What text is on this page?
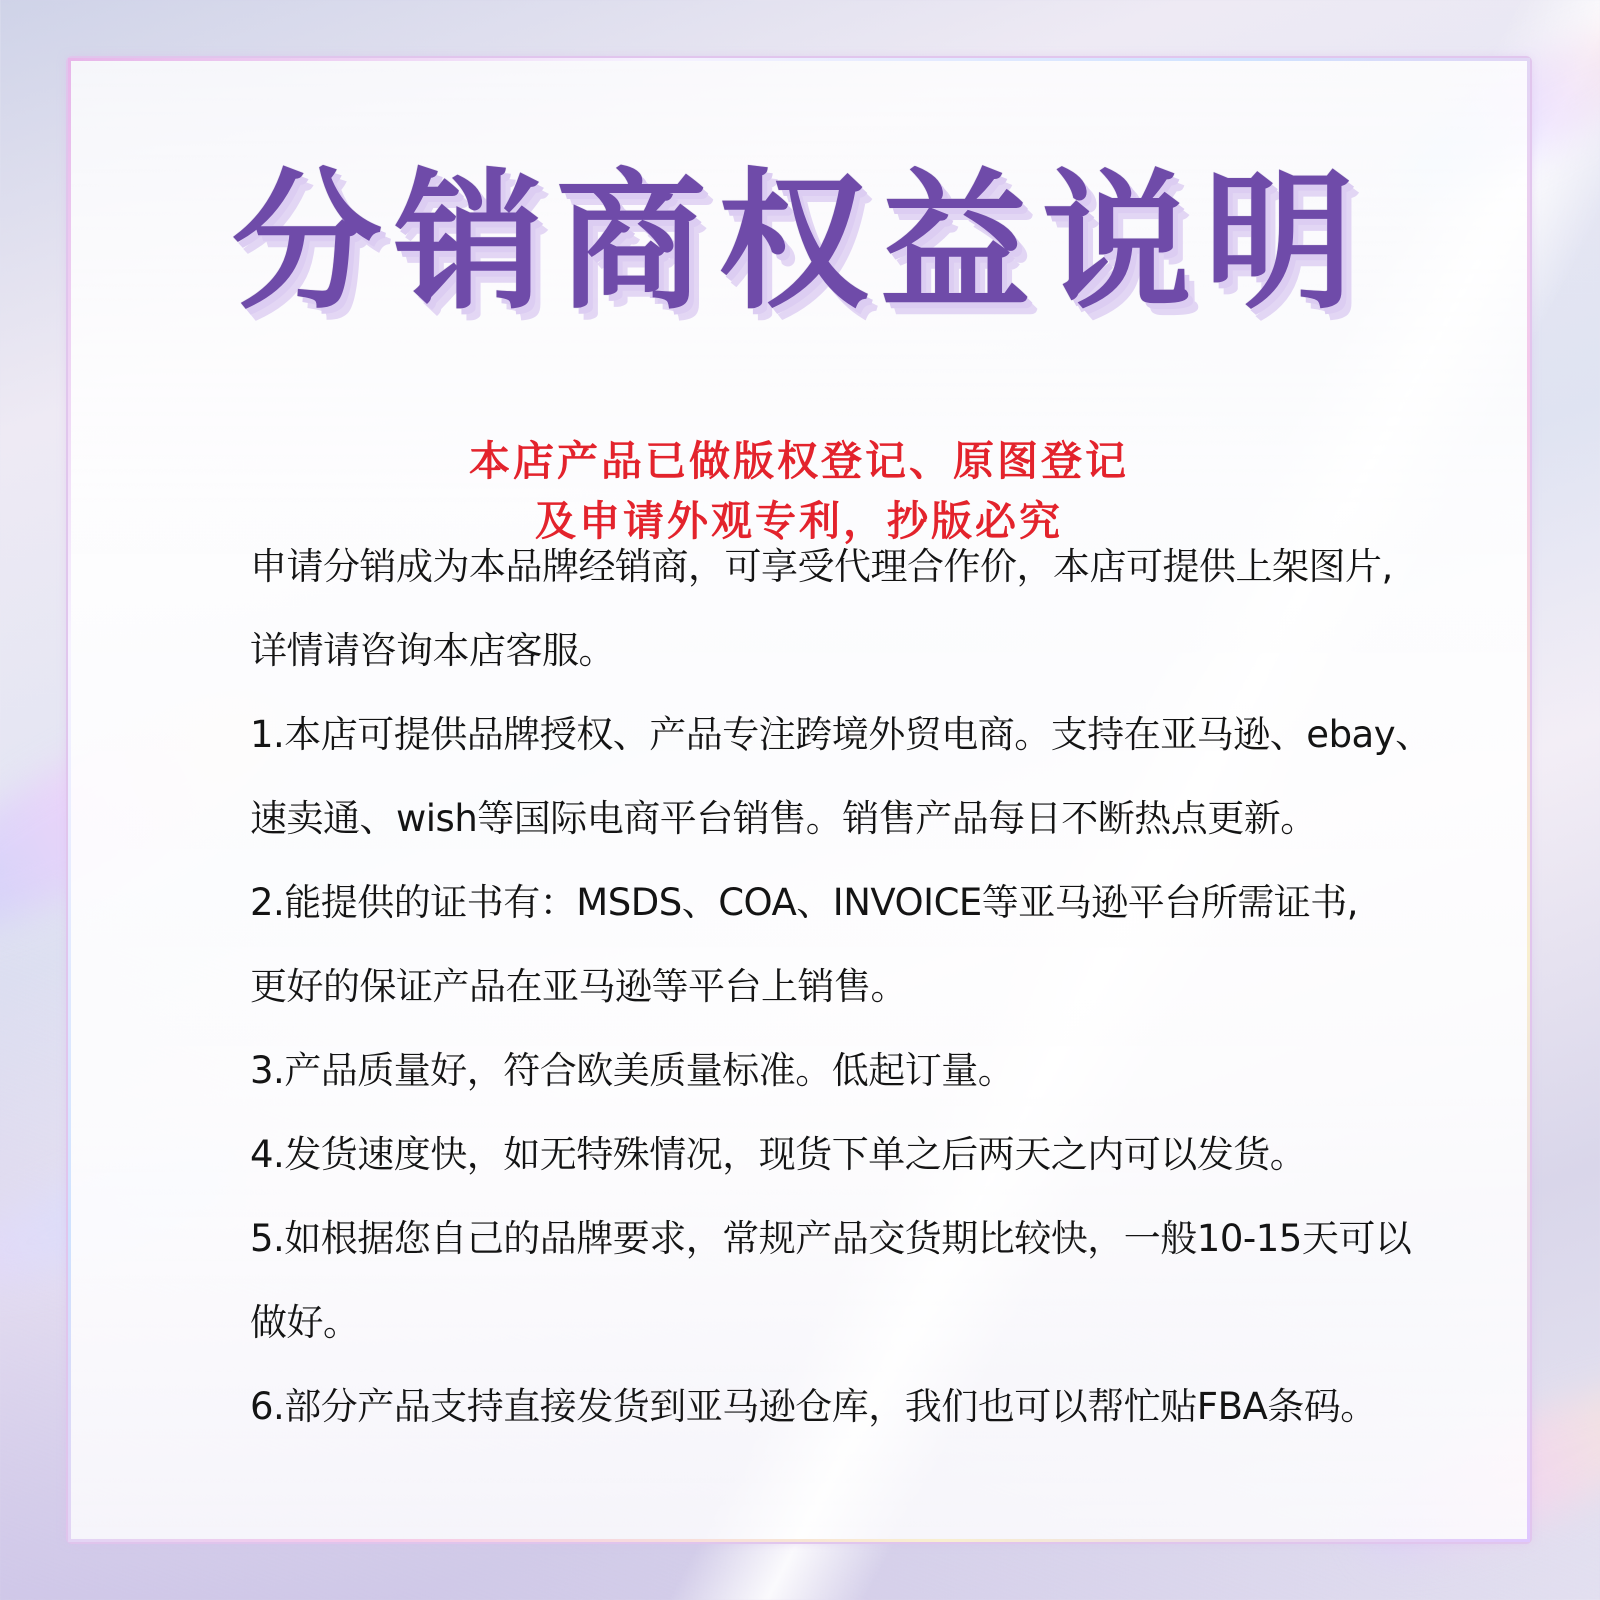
分销商权益说明
本店产品已做版权登记、原图登记
及申请外观专利，抄版必究
申请分销成为本品牌经销商，可享受代理合作价，本店可提供上架图片,
详情请咨询本店客服。
1.本店可提供品牌授权、产品专注跨境外贸电商。支持在亚马逊、ebay、
速卖通、wish等国际电商平台销售。销售产品每日不断热点更新。
2.能提供的证书有：MSDS、COA、INVOICE等亚马逊平台所需证书,
更好的保证产品在亚马逊等平台上销售。
3.产品质量好，符合欧美质量标准。低起订量。
4.发货速度快，如无特殊情况，现货下单之后两天之内可以发货。
5.如根据您自己的品牌要求，常规产品交货期比较快，一般10-15天可以
做好。
6.部分产品支持直接发货到亚马逊仓库，我们也可以帮忙贴FBA条码。
